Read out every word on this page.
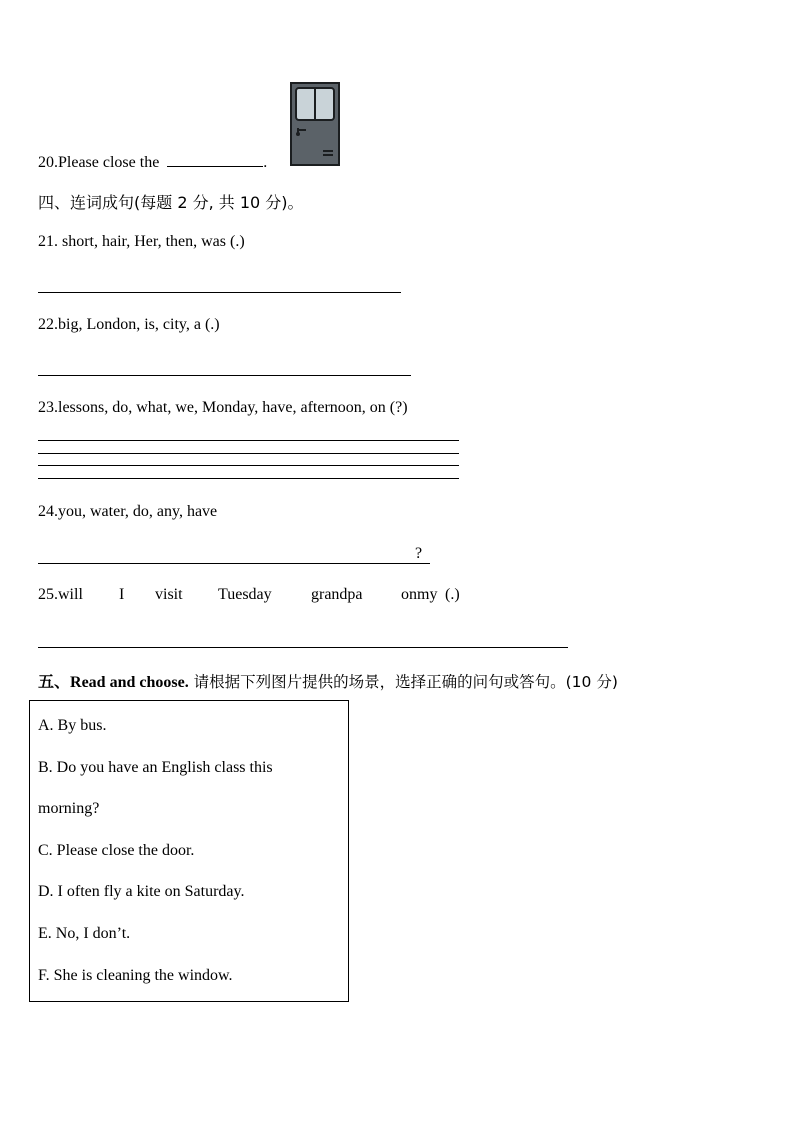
20.Please close the	.
四、连词成句(每题 2 分, 共 10 分)。
21. short, hair, Her, then, was (.)
22.big, London, is, city, a (.)
23.lessons, do, what, we, Monday, have, afternoon, on (?)
24.you, water, do, any, have
?
25.will I visit Tuesday grandpa onmy (.)
五、Read and choose. 请根据下列图片提供的场景，选择正确的问句或答句。(10 分)
A. By bus.
B. Do you have an English class this
morning?
C. Please close the door.
D. I often fly a kite on Saturday.
E. No, I don’t.
F. She is cleaning the window.
